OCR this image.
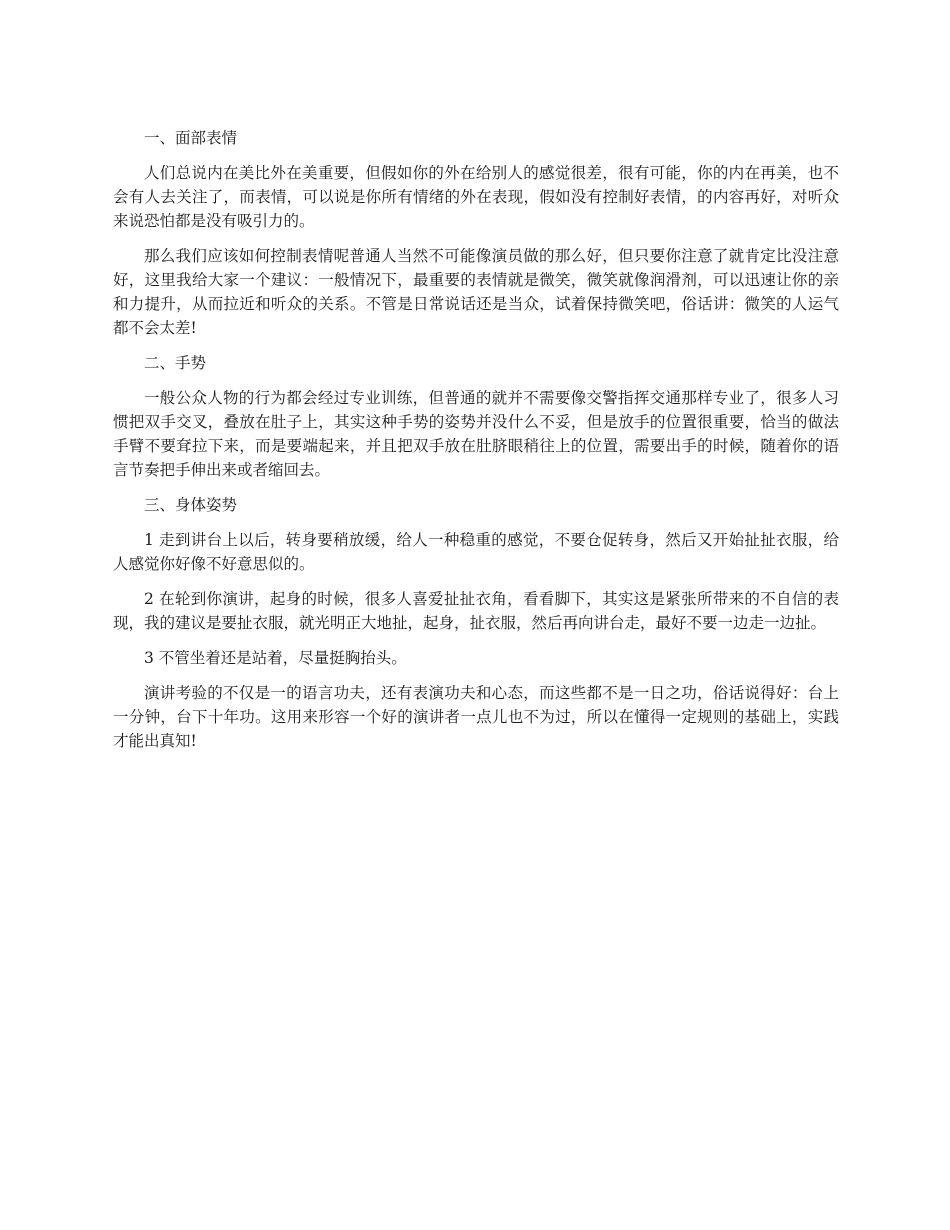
一、面部表情

人们总说内在美比外在美重要，但假如你的外在给别人的感觉很差，很有可能，你的内在再美，也不会有人去关注了，而表情，可以说是你所有情绪的外在表现，假如没有控制好表情，的内容再好，对听众来说恐怕都是没有吸引力的。

那么我们应该如何控制表情呢普通人当然不可能像演员做的那么好，但只要你注意了就肯定比没注意好，这里我给大家一个建议：一般情况下，最重要的表情就是微笑，微笑就像润滑剂，可以迅速让你的亲和力提升，从而拉近和听众的关系。不管是日常说话还是当众，试着保持微笑吧，俗话讲：微笑的人运气都不会太差!

二、手势

一般公众人物的行为都会经过专业训练，但普通的就并不需要像交警指挥交通那样专业了，很多人习惯把双手交叉，叠放在肚子上，其实这种手势的姿势并没什么不妥，但是放手的位置很重要，恰当的做法手臂不要耷拉下来，而是要端起来，并且把双手放在肚脐眼稍往上的位置，需要出手的时候，随着你的语言节奏把手伸出来或者缩回去。

三、身体姿势

1 走到讲台上以后，转身要稍放缓，给人一种稳重的感觉，不要仓促转身，然后又开始扯扯衣服，给人感觉你好像不好意思似的。

2 在轮到你演讲，起身的时候，很多人喜爱扯扯衣角，看看脚下，其实这是紧张所带来的不自信的表现，我的建议是要扯衣服，就光明正大地扯，起身，扯衣服，然后再向讲台走，最好不要一边走一边扯。

3 不管坐着还是站着，尽量挺胸抬头。

演讲考验的不仅是一的语言功夫，还有表演功夫和心态，而这些都不是一日之功，俗话说得好：台上一分钟，台下十年功。这用来形容一个好的演讲者一点儿也不为过，所以在懂得一定规则的基础上，实践才能出真知!
